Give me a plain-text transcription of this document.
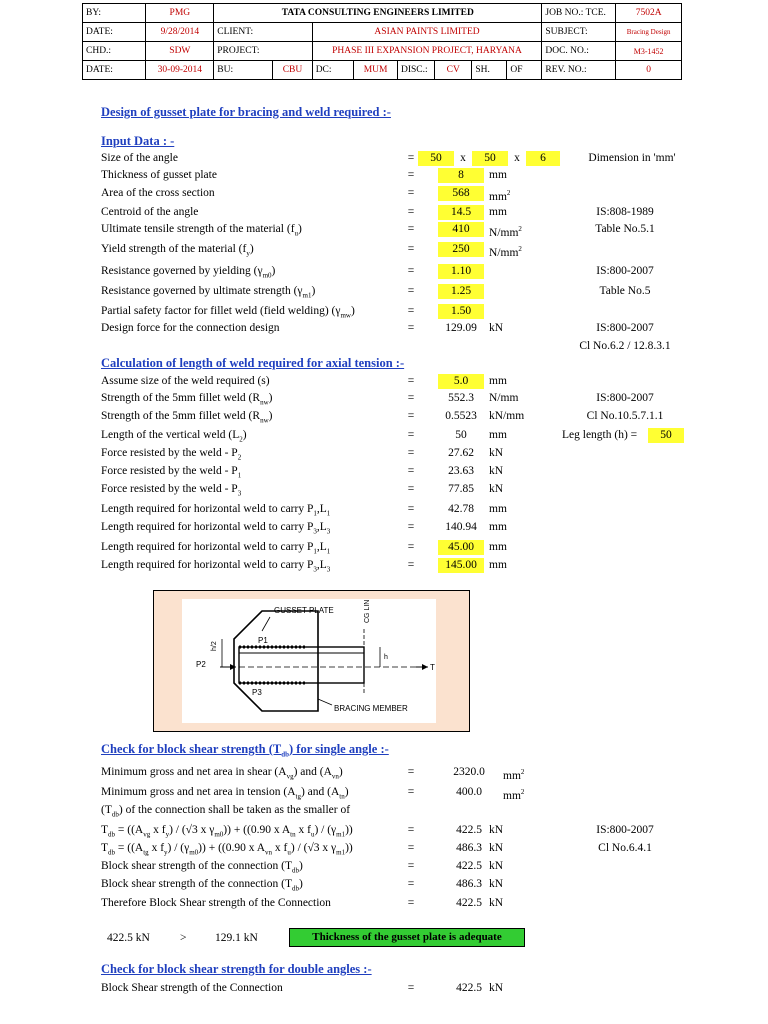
BY:	PMG	TATA CONSULTING ENGINEERS LIMITED								JOB NO.: TCE.	7502A
DATE:	9/28/2014	CLIENT:		ASIAN PAINTS LIMITED						SUBJECT:	Bracing Design
CHD.:	SDW	PROJECT:		PHASE III EXPANSION PROJECT, HARYANA						DOC. NO.:	M3-1452
DATE:	30-09-2014	BU:	CBU	DC:	MUM	DISC.:	CV	SH.	OF	REV. NO.:	0
Design of gusset plate for bracing and weld required :-
Input Data : -
Size of the angle	=	50	x	50	x	6	Dimension in 'mm'
Thickness of gusset plate	=	8	mm
Area of the cross section	=	568	$mm^2$
Centroid of the angle	=	14.5	mm	IS:808-1989
Ultimate tensile strength of the material $(f_u)$	=	410	$N/mm^2$	Table No.5.1
Yield strength of the material $(f_y)$	=	250	$N/mm^2$
Resistance governed by yielding $(\gamma_{m0})$	=	1.10	IS:800-2007
Resistance governed by ultimate strength $(\gamma_{m1})$	=	1.25	Table No.5
Partial safety factor for fillet weld (field welding) $(\gamma_{mw})$	=	1.50
Design force for the connection design	=	129.09	kN	IS:800-2007
Cl No.6.2 / 12.8.3.1
Calculation of length of weld required for axial tension :-
Assume size of the weld required (s)	=	5.0	mm
Strength of the 5mm fillet weld $(R_{nw})$	=	552.3	N/mm	IS:800-2007
Strength of the 5mm fillet weld $(R_{nw})$	=	0.5523	kN/mm	Cl No.10.5.7.1.1
Length of the vertical weld $(L_2)$	=	50	mm	Leg length (h) =	50
Force resisted by the weld - $P_2$	=	27.62	kN
Force resisted by the weld - $P_1$	=	23.63	kN
Force resisted by the weld - $P_3$	=	77.85	kN
Length required for horizontal weld to carry $P_1,L_1$	=	42.78	mm
Length required for horizontal weld to carry $P_3,L_3$	=	140.94	mm
Length required for horizontal weld to carry $P_1,L_1$	=	45.00	mm
Length required for horizontal weld to carry $P_3,L_3$	=	145.00	mm
GUSSET PLATE	CG LINE
P1
P2
P3
T
h
h/2
BRACING MEMBER
Check for block shear strength $(T_{db})$ for single angle :-
Minimum gross and net area in shear $(A_{vg})$ and $(A_{vn})$	=	2320.0	$mm^2$
Minimum gross and net area in tension $(A_{tg})$ and $(A_{tn})$	=	400.0	$mm^2$
$(T_{db})$ of the connection shall be taken as the smaller of
$T_{db} = ((A_{vg}$ x $f_y) / (√3$ x $\gamma_{m0})) + ((0.90$ x $A_{tn}$ x $f_u) / (\gamma_{m1})$)	=	422.5 kN	IS:800-2007
$T_{db} = ((A_{tg}$ x $f_y) / (\gamma_{m0})) + ((0.90$ x $A_{vn}$ x $f_u) / (√3$ x $\gamma_{m1}$))	=	486.3 kN	Cl No.6.4.1
Block shear strength of the connection $(T_{db})$	=	422.5 kN
Block shear strength of the connection $(T_{db})$	=	486.3 kN
Therefore Block Shear strength of the Connection	=	422.5 kN
422.5 kN	> 129.1 kN	Thickness of the gusset plate is adequate
Check for block shear strength for double angles :-
Block Shear strength of the Connection	=	422.5 kN
